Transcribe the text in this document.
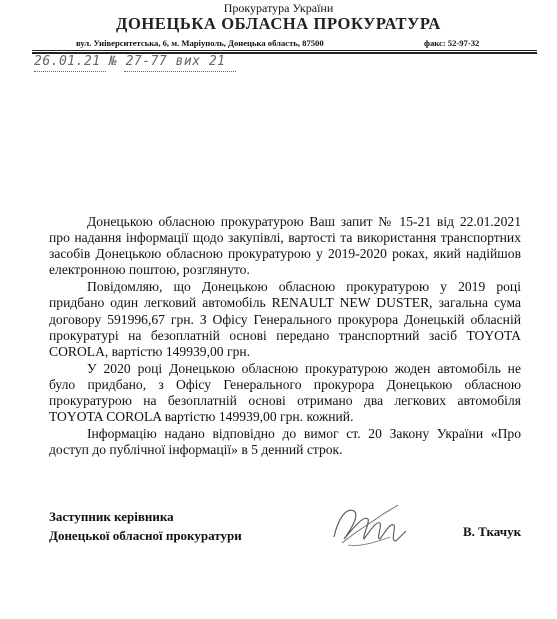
Прокуратура України
ДОНЕЦЬКА ОБЛАСНА ПРОКУРАТУРА
вул. Університетська, 6, м. Маріуполь, Донецька область, 87500	факс: 52-97-32
26.01.21 № 27-77 вих 21

Донецькою обласною прокуратурою Ваш запит № 15-21 від 22.01.2021 про надання інформації щодо закупівлі, вартості та використання транспортних засобів Донецькою обласною прокуратурою у 2019-2020 роках, який надійшов електронною поштою, розглянуто.

Повідомляю, що Донецькою обласною прокуратурою у 2019 році придбано один легковий автомобіль RENAULT NEW DUSTER, загальна сума договору 591996,67 грн. З Офісу Генерального прокурора Донецькій обласній прокуратурі на безоплатній основі передано транспортний засіб TOYOTA COROLA, вартістю 149939,00 грн.

У 2020 році Донецькою обласною прокуратурою жоден автомобіль не було придбано, з Офісу Генерального прокурора Донецькою обласною прокуратурою на безоплатній основі отримано два легкових автомобіля TOYOTA COROLA вартістю 149939,00 грн. кожний.

Інформацію надано відповідно до вимог ст. 20 Закону України «Про доступ до публічної інформації» в 5 денний строк.

Заступник керівника
Донецької обласної прокуратури	В. Ткачук
